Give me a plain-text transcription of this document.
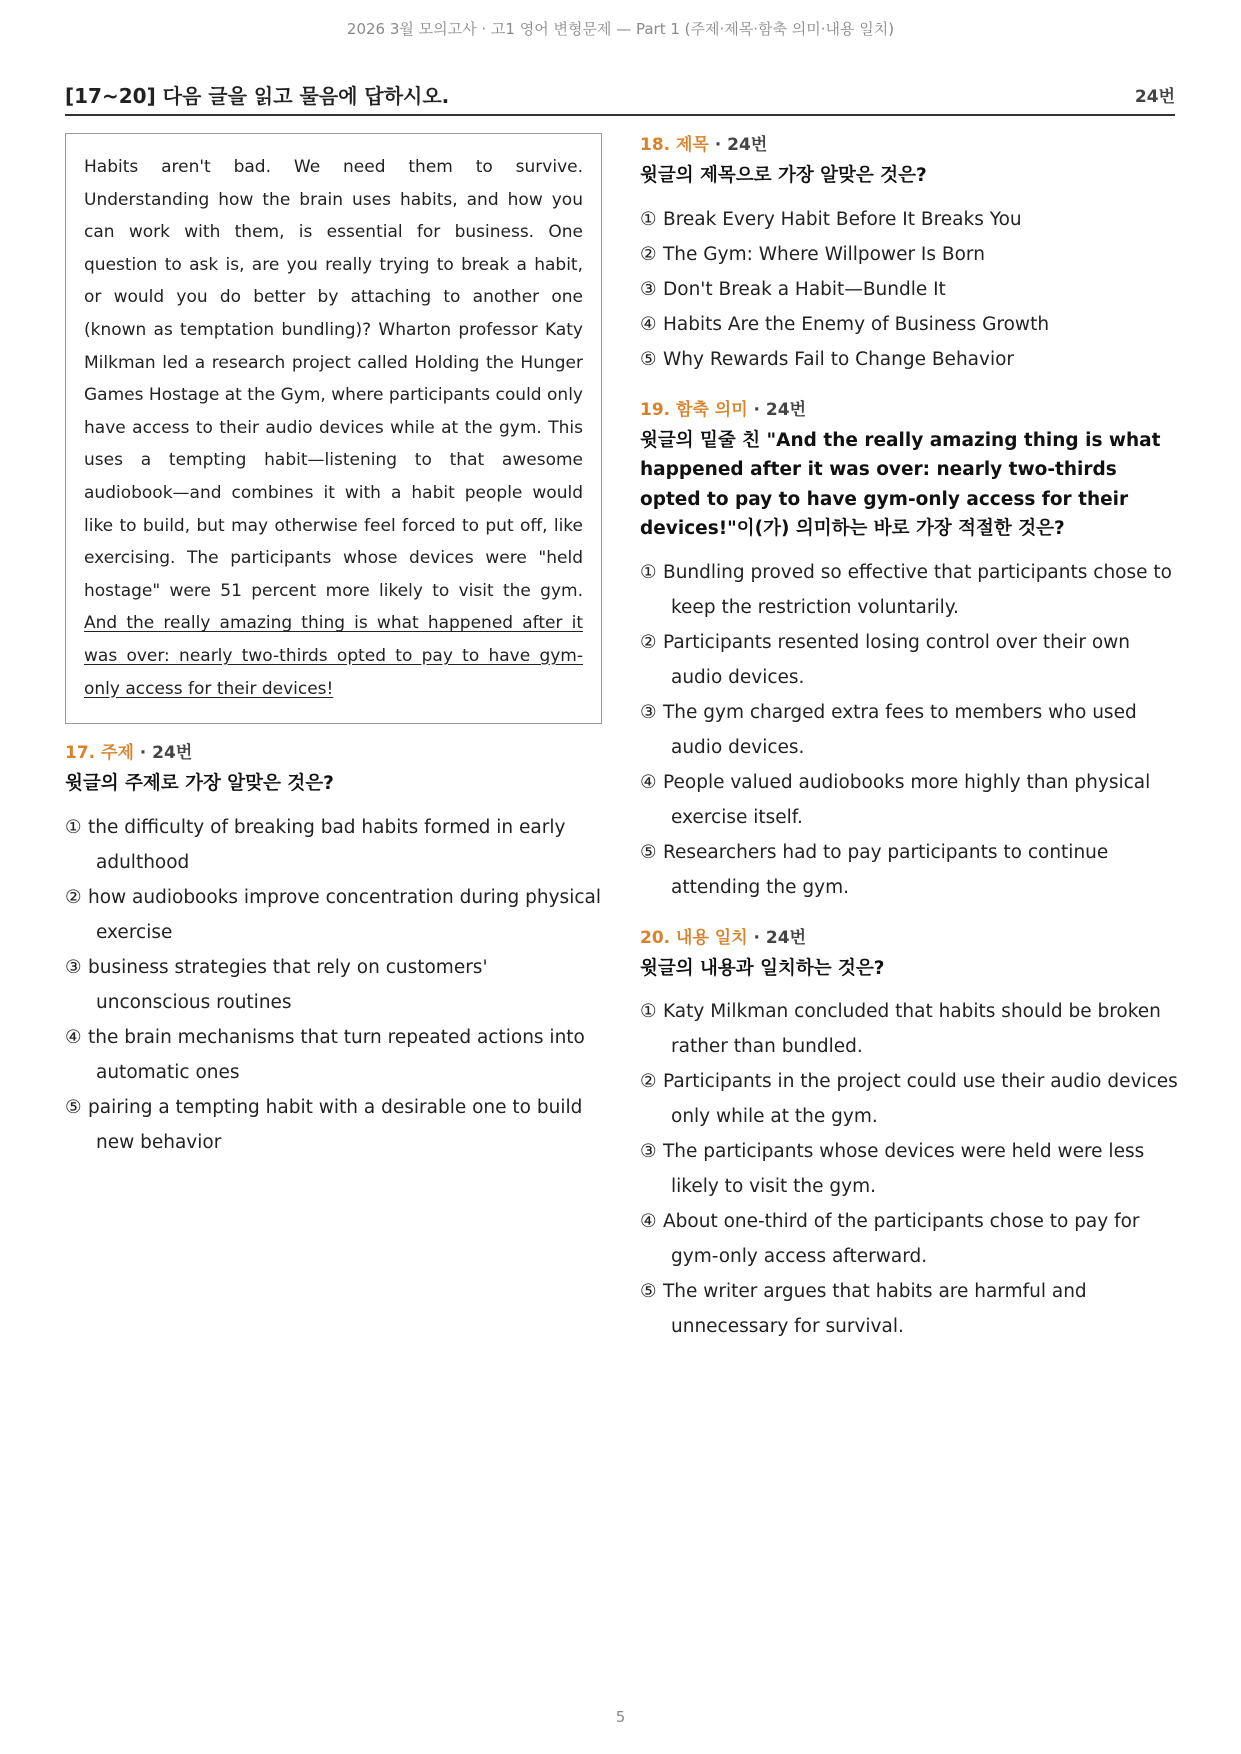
2026 3월 모의고사 · 고1 영어 변형문제 — Part 1 (주제·제목·함축 의미·내용 일치)
[17~20] 다음 글을 읽고 물음에 답하시오.	24번
Habits aren't bad. We need them to survive. Understanding how the brain uses habits, and how you can work with them, is essential for business. One question to ask is, are you really trying to break a habit, or would you do better by attaching to another one (known as temptation bundling)? Wharton professor Katy Milkman led a research project called Holding the Hunger Games Hostage at the Gym, where participants could only have access to their audio devices while at the gym. This uses a tempting habit—listening to that awesome audiobook—and combines it with a habit people would like to build, but may otherwise feel forced to put off, like exercising. The participants whose devices were "held hostage" were 51 percent more likely to visit the gym. And the really amazing thing is what happened after it was over: nearly two-thirds opted to pay to have gym-only access for their devices!
17. 주제 · 24번
윗글의 주제로 가장 알맞은 것은?
① the difficulty of breaking bad habits formed in early adulthood
② how audiobooks improve concentration during physical exercise
③ business strategies that rely on customers' unconscious routines
④ the brain mechanisms that turn repeated actions into automatic ones
⑤ pairing a tempting habit with a desirable one to build new behavior
18. 제목 · 24번
윗글의 제목으로 가장 알맞은 것은?
① Break Every Habit Before It Breaks You
② The Gym: Where Willpower Is Born
③ Don't Break a Habit—Bundle It
④ Habits Are the Enemy of Business Growth
⑤ Why Rewards Fail to Change Behavior
19. 함축 의미 · 24번
윗글의 밑줄 친 "And the really amazing thing is what happened after it was over: nearly two-thirds opted to pay to have gym-only access for their devices!"이(가) 의미하는 바로 가장 적절한 것은?
① Bundling proved so effective that participants chose to keep the restriction voluntarily.
② Participants resented losing control over their own audio devices.
③ The gym charged extra fees to members who used audio devices.
④ People valued audiobooks more highly than physical exercise itself.
⑤ Researchers had to pay participants to continue attending the gym.
20. 내용 일치 · 24번
윗글의 내용과 일치하는 것은?
① Katy Milkman concluded that habits should be broken rather than bundled.
② Participants in the project could use their audio devices only while at the gym.
③ The participants whose devices were held were less likely to visit the gym.
④ About one-third of the participants chose to pay for gym-only access afterward.
⑤ The writer argues that habits are harmful and unnecessary for survival.
5
